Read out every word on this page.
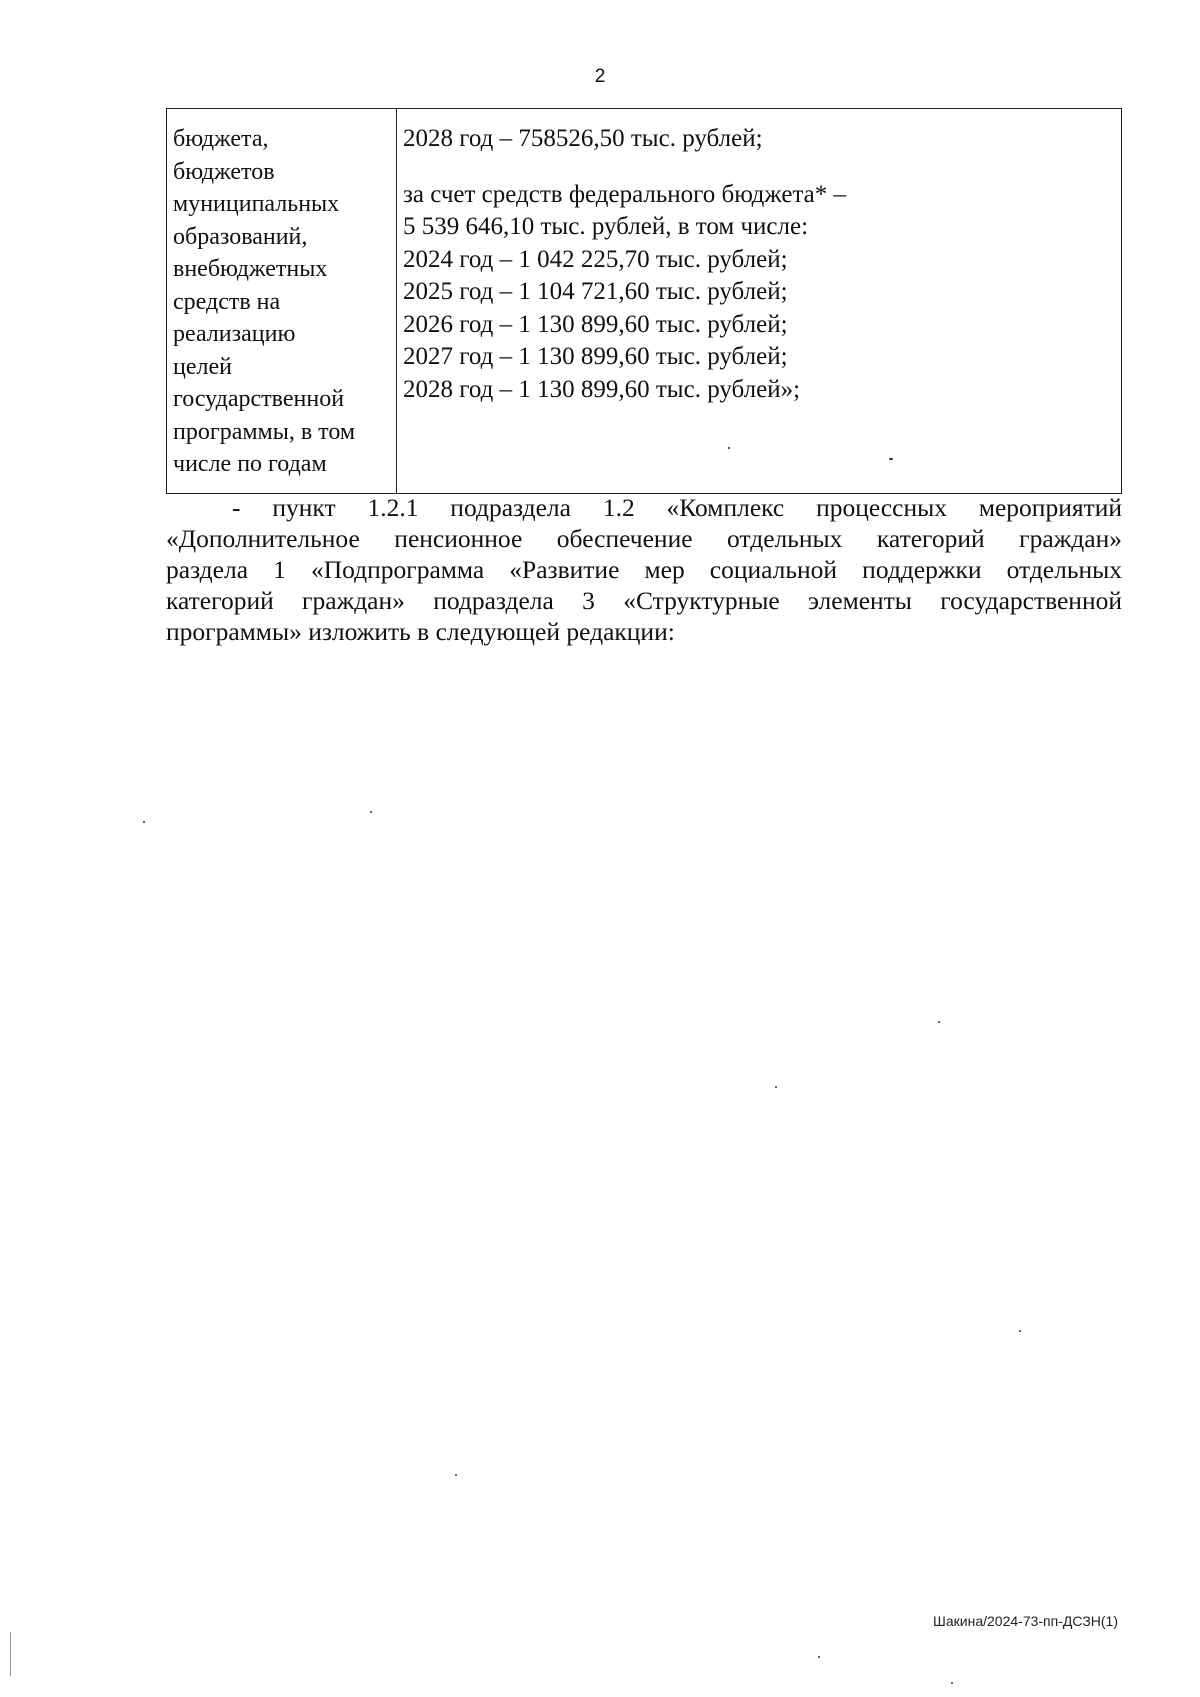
2
бюджета,
бюджетов
муниципальных
образований,
внебюджетных
средств на
реализацию
целей
государственной
программы, в том
числе по годам
2028 год – 758526,50 тыс. рублей;
за счет средств федерального бюджета* –
5 539 646,10 тыс. рублей, в том числе:
2024 год – 1 042 225,70 тыс. рублей;
2025 год – 1 104 721,60 тыс. рублей;
2026 год – 1 130 899,60 тыс. рублей;
2027 год – 1 130 899,60 тыс. рублей;
2028 год – 1 130 899,60 тыс. рублей»;
- пункт 1.2.1 подраздела 1.2 «Комплекс процессных мероприятий
«Дополнительное пенсионное обеспечение отдельных категорий граждан»
раздела 1 «Подпрограмма «Развитие мер социальной поддержки отдельных
категорий граждан» подраздела 3 «Структурные элементы государственной
программы» изложить в следующей редакции:
Шакина/2024-73-пп-ДСЗН(1)
